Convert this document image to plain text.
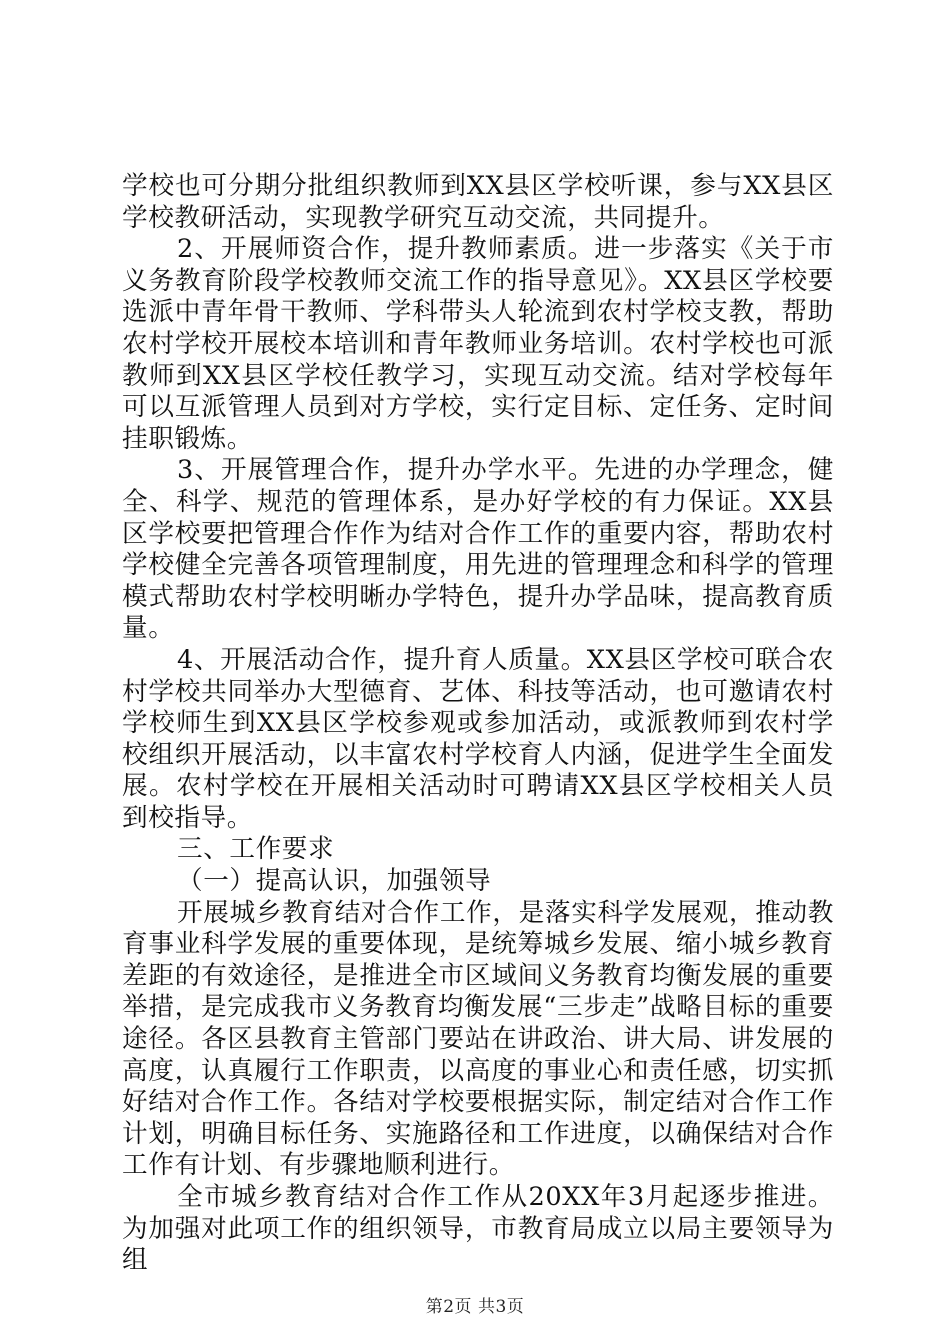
学校也可分期分批组织教师到XX县区学校听课，参与XX县区学校教研活动，实现教学研究互动交流，共同提升。

2、开展师资合作，提升教师素质。进一步落实《关于市义务教育阶段学校教师交流工作的指导意见》。XX县区学校要选派中青年骨干教师、学科带头人轮流到农村学校支教，帮助农村学校开展校本培训和青年教师业务培训。农村学校也可派教师到XX县区学校任教学习，实现互动交流。结对学校每年可以互派管理人员到对方学校，实行定目标、定任务、定时间挂职锻炼。

3、开展管理合作，提升办学水平。先进的办学理念，健全、科学、规范的管理体系，是办好学校的有力保证。XX县区学校要把管理合作作为结对合作工作的重要内容，帮助农村学校健全完善各项管理制度，用先进的管理理念和科学的管理模式帮助农村学校明晰办学特色，提升办学品味，提高教育质量。

4、开展活动合作，提升育人质量。XX县区学校可联合农村学校共同举办大型德育、艺体、科技等活动，也可邀请农村学校师生到XX县区学校参观或参加活动，或派教师到农村学校组织开展活动，以丰富农村学校育人内涵，促进学生全面发展。农村学校在开展相关活动时可聘请XX县区学校相关人员到校指导。

三、工作要求

（一）提高认识，加强领导

开展城乡教育结对合作工作，是落实科学发展观，推动教育事业科学发展的重要体现，是统筹城乡发展、缩小城乡教育差距的有效途径，是推进全市区域间义务教育均衡发展的重要举措，是完成我市义务教育均衡发展“三步走”战略目标的重要途径。各区县教育主管部门要站在讲政治、讲大局、讲发展的高度，认真履行工作职责，以高度的事业心和责任感，切实抓好结对合作工作。各结对学校要根据实际，制定结对合作工作计划，明确目标任务、实施路径和工作进度，以确保结对合作工作有计划、有步骤地顺利进行。

全市城乡教育结对合作工作从20XX年3月起逐步推进。为加强对此项工作的组织领导，市教育局成立以局主要领导为组

第2页 共3页
